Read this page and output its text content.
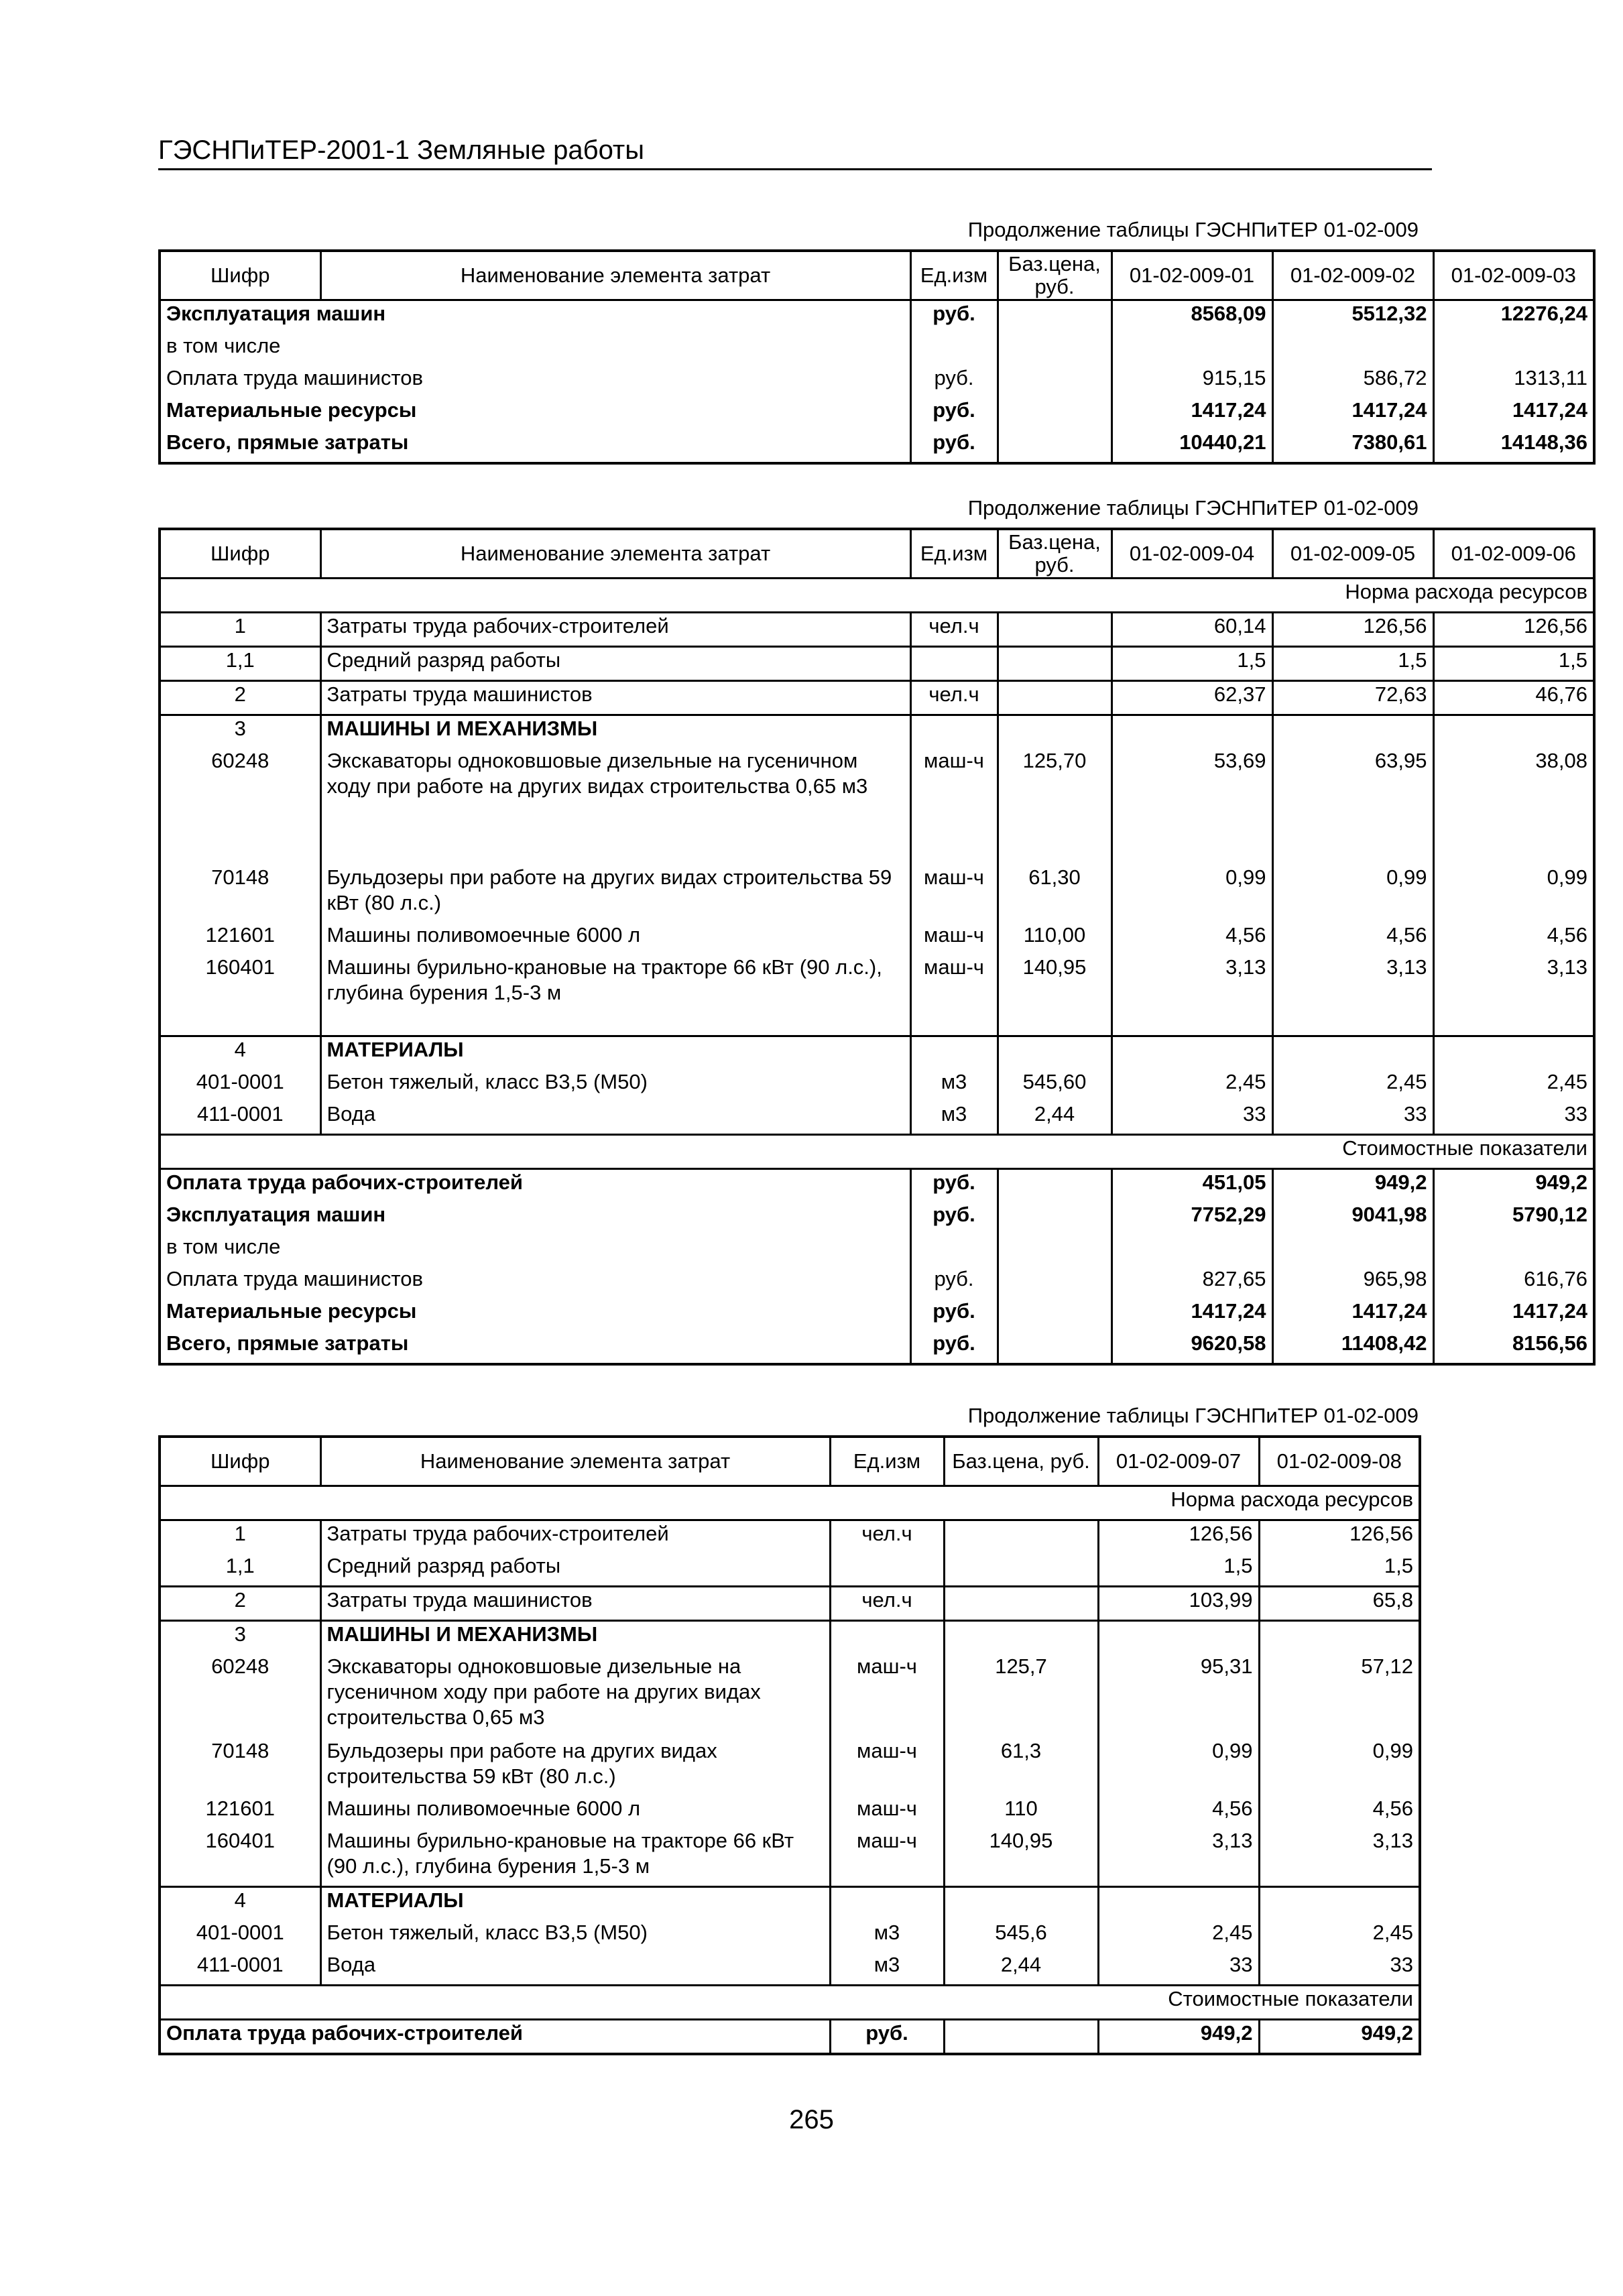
ГЭСНПиТЕР-2001-1 Земляные работы
Продолжение таблицы ГЭСНПиТЕР 01-02-009
Шифр	Наименование элемента затрат	Ед.изм	Баз.цена, руб.	01-02-009-01	01-02-009-02	01-02-009-03
Эксплуатация машин		руб.		8568,09	5512,32	12276,24
в том числе						
Оплата труда машинистов		руб.		915,15	586,72	1313,11
Материальные ресурсы		руб.		1417,24	1417,24	1417,24
Всего, прямые затраты		руб.		10440,21	7380,61	14148,36
Продолжение таблицы ГЭСНПиТЕР 01-02-009
Шифр	Наименование элемента затрат	Ед.изм	Баз.цена, руб.	01-02-009-04	01-02-009-05	01-02-009-06
Норма расхода ресурсов						
1	Затраты труда рабочих-строителей	чел.ч		60,14	126,56	126,56
1,1	Средний разряд работы			1,5	1,5	1,5
2	Затраты труда машинистов	чел.ч		62,37	72,63	46,76
3	МАШИНЫ И МЕХАНИЗМЫ					
60248	Экскаваторы одноковшовые дизельные на гусеничном ходу при работе на других видах строительства 0,65 м3	маш-ч	125,70	53,69	63,95	38,08
70148	Бульдозеры при работе на других видах строительства 59 кВт (80 л.с.)	маш-ч	61,30	0,99	0,99	0,99
121601	Машины поливомоечные 6000 л	маш-ч	110,00	4,56	4,56	4,56
160401	Машины бурильно-крановые на тракторе 66 кВт (90 л.с.), глубина бурения 1,5-3 м	маш-ч	140,95	3,13	3,13	3,13
4	МАТЕРИАЛЫ					
401-0001	Бетон тяжелый, класс В3,5 (М50)	м3	545,60	2,45	2,45	2,45
411-0001	Вода	м3	2,44	33	33	33
Стоимостные показатели						
Оплата труда рабочих-строителей		руб.		451,05	949,2	949,2
Эксплуатация машин		руб.		7752,29	9041,98	5790,12
в том числе						
Оплата труда машинистов		руб.		827,65	965,98	616,76
Материальные ресурсы		руб.		1417,24	1417,24	1417,24
Всего, прямые затраты		руб.		9620,58	11408,42	8156,56
Продолжение таблицы ГЭСНПиТЕР 01-02-009
Шифр	Наименование элемента затрат	Ед.изм	Баз.цена, руб.	01-02-009-07	01-02-009-08
Норма расхода ресурсов					
1	Затраты труда рабочих-строителей	чел.ч		126,56	126,56
1,1	Средний разряд работы			1,5	1,5
2	Затраты труда машинистов	чел.ч		103,99	65,8
3	МАШИНЫ И МЕХАНИЗМЫ				
60248	Экскаваторы одноковшовые дизельные на гусеничном ходу при работе на других видах строительства 0,65 м3	маш-ч	125,7	95,31	57,12
70148	Бульдозеры при работе на других видах строительства 59 кВт (80 л.с.)	маш-ч	61,3	0,99	0,99
121601	Машины поливомоечные 6000 л	маш-ч	110	4,56	4,56
160401	Машины бурильно-крановые на тракторе 66 кВт (90 л.с.), глубина бурения 1,5-3 м	маш-ч	140,95	3,13	3,13
4	МАТЕРИАЛЫ				
401-0001	Бетон тяжелый, класс В3,5 (М50)	м3	545,6	2,45	2,45
411-0001	Вода	м3	2,44	33	33
Стоимостные показатели					
Оплата труда рабочих-строителей		руб.		949,2	949,2
265
